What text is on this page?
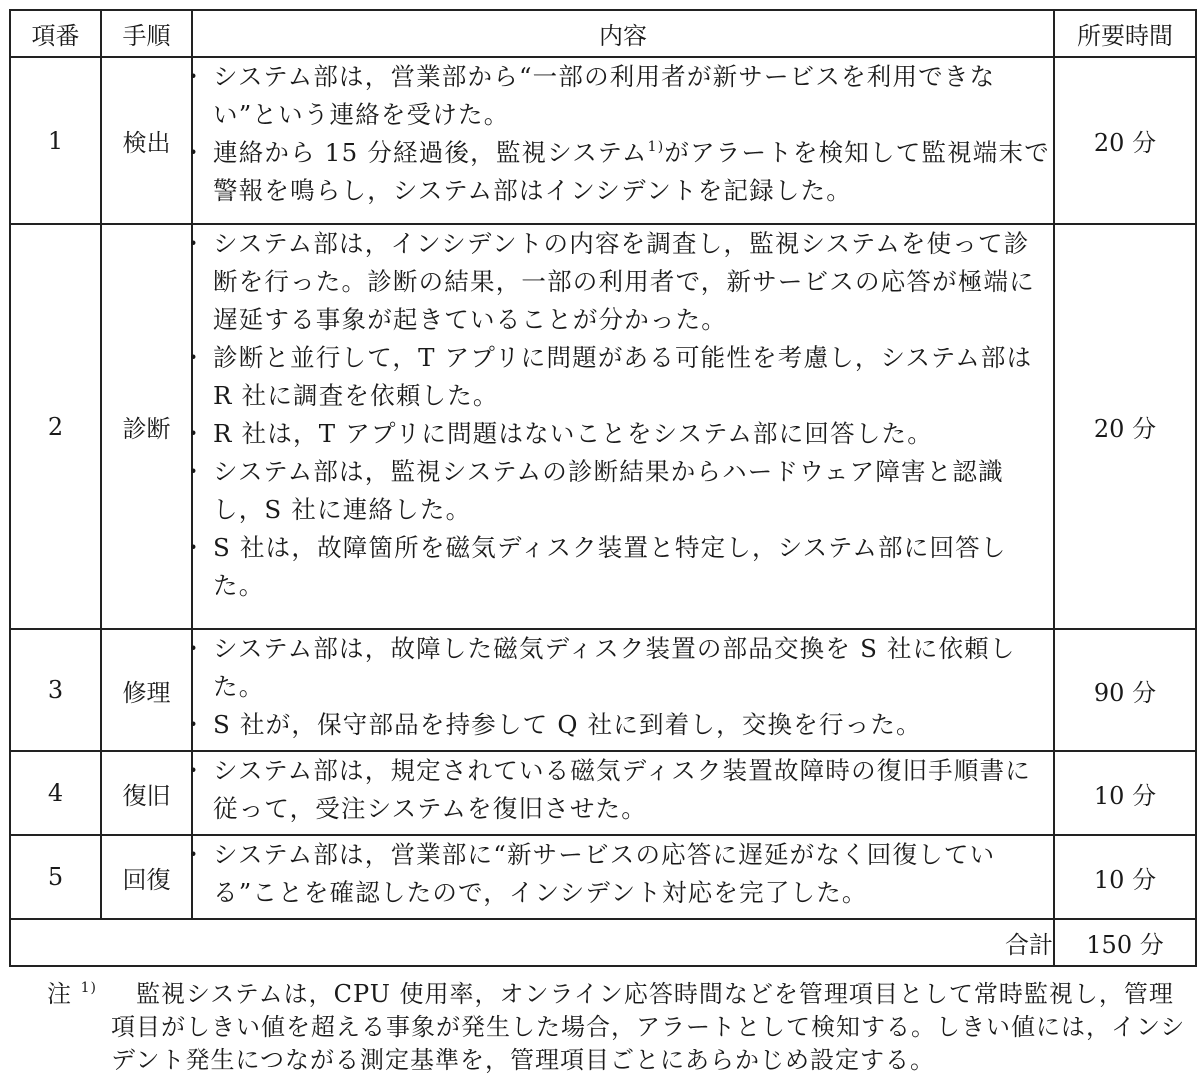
項番	手順	内容	所要時間
1	検出	・ システム部は，営業部から“一部の利用者が新サービスを利用できない”という連絡を受けた。

・ 連絡から 15 分経過後，監視システム$^{1)}$がアラートを検知して監視端末で警報を鳴らし，システム部はインシデントを記録した。	20 分
2	診断	・ システム部は，インシデントの内容を調査し，監視システムを使って診断を行った。診断の結果，一部の利用者で，新サービスの応答が極端に遅延する事象が起きていることが分かった。

・ 診断と並行して，T アプリに問題がある可能性を考慮し，システム部は R 社に調査を依頼した。

・ R 社は，T アプリに問題はないことをシステム部に回答した。

・ システム部は，監視システムの診断結果からハードウェア障害と認識し，S 社に連絡した。

・ S 社は，故障箇所を磁気ディスク装置と特定し，システム部に回答した。	20 分
3	修理	・ システム部は，故障した磁気ディスク装置の部品交換を S 社に依頼した。

・ S 社が，保守部品を持参して Q 社に到着し，交換を行った。	90 分
4	復旧	・ システム部は，規定されている磁気ディスク装置故障時の復旧手順書に従って，受注システムを復旧させた。	10 分
5	回復	・ システム部は，営業部に“新サービスの応答に遅延がなく回復している”ことを確認したので，インシデント対応を完了した。	10 分
合計			150 分
注 $^{1)}$	監視システムは，CPU 使用率，オンライン応答時間などを管理項目として常時監視し，管理項目がしきい値を超える事象が発生した場合，アラートとして検知する。しきい値には，インシデント発生につながる測定基準を，管理項目ごとにあらかじめ設定する。
